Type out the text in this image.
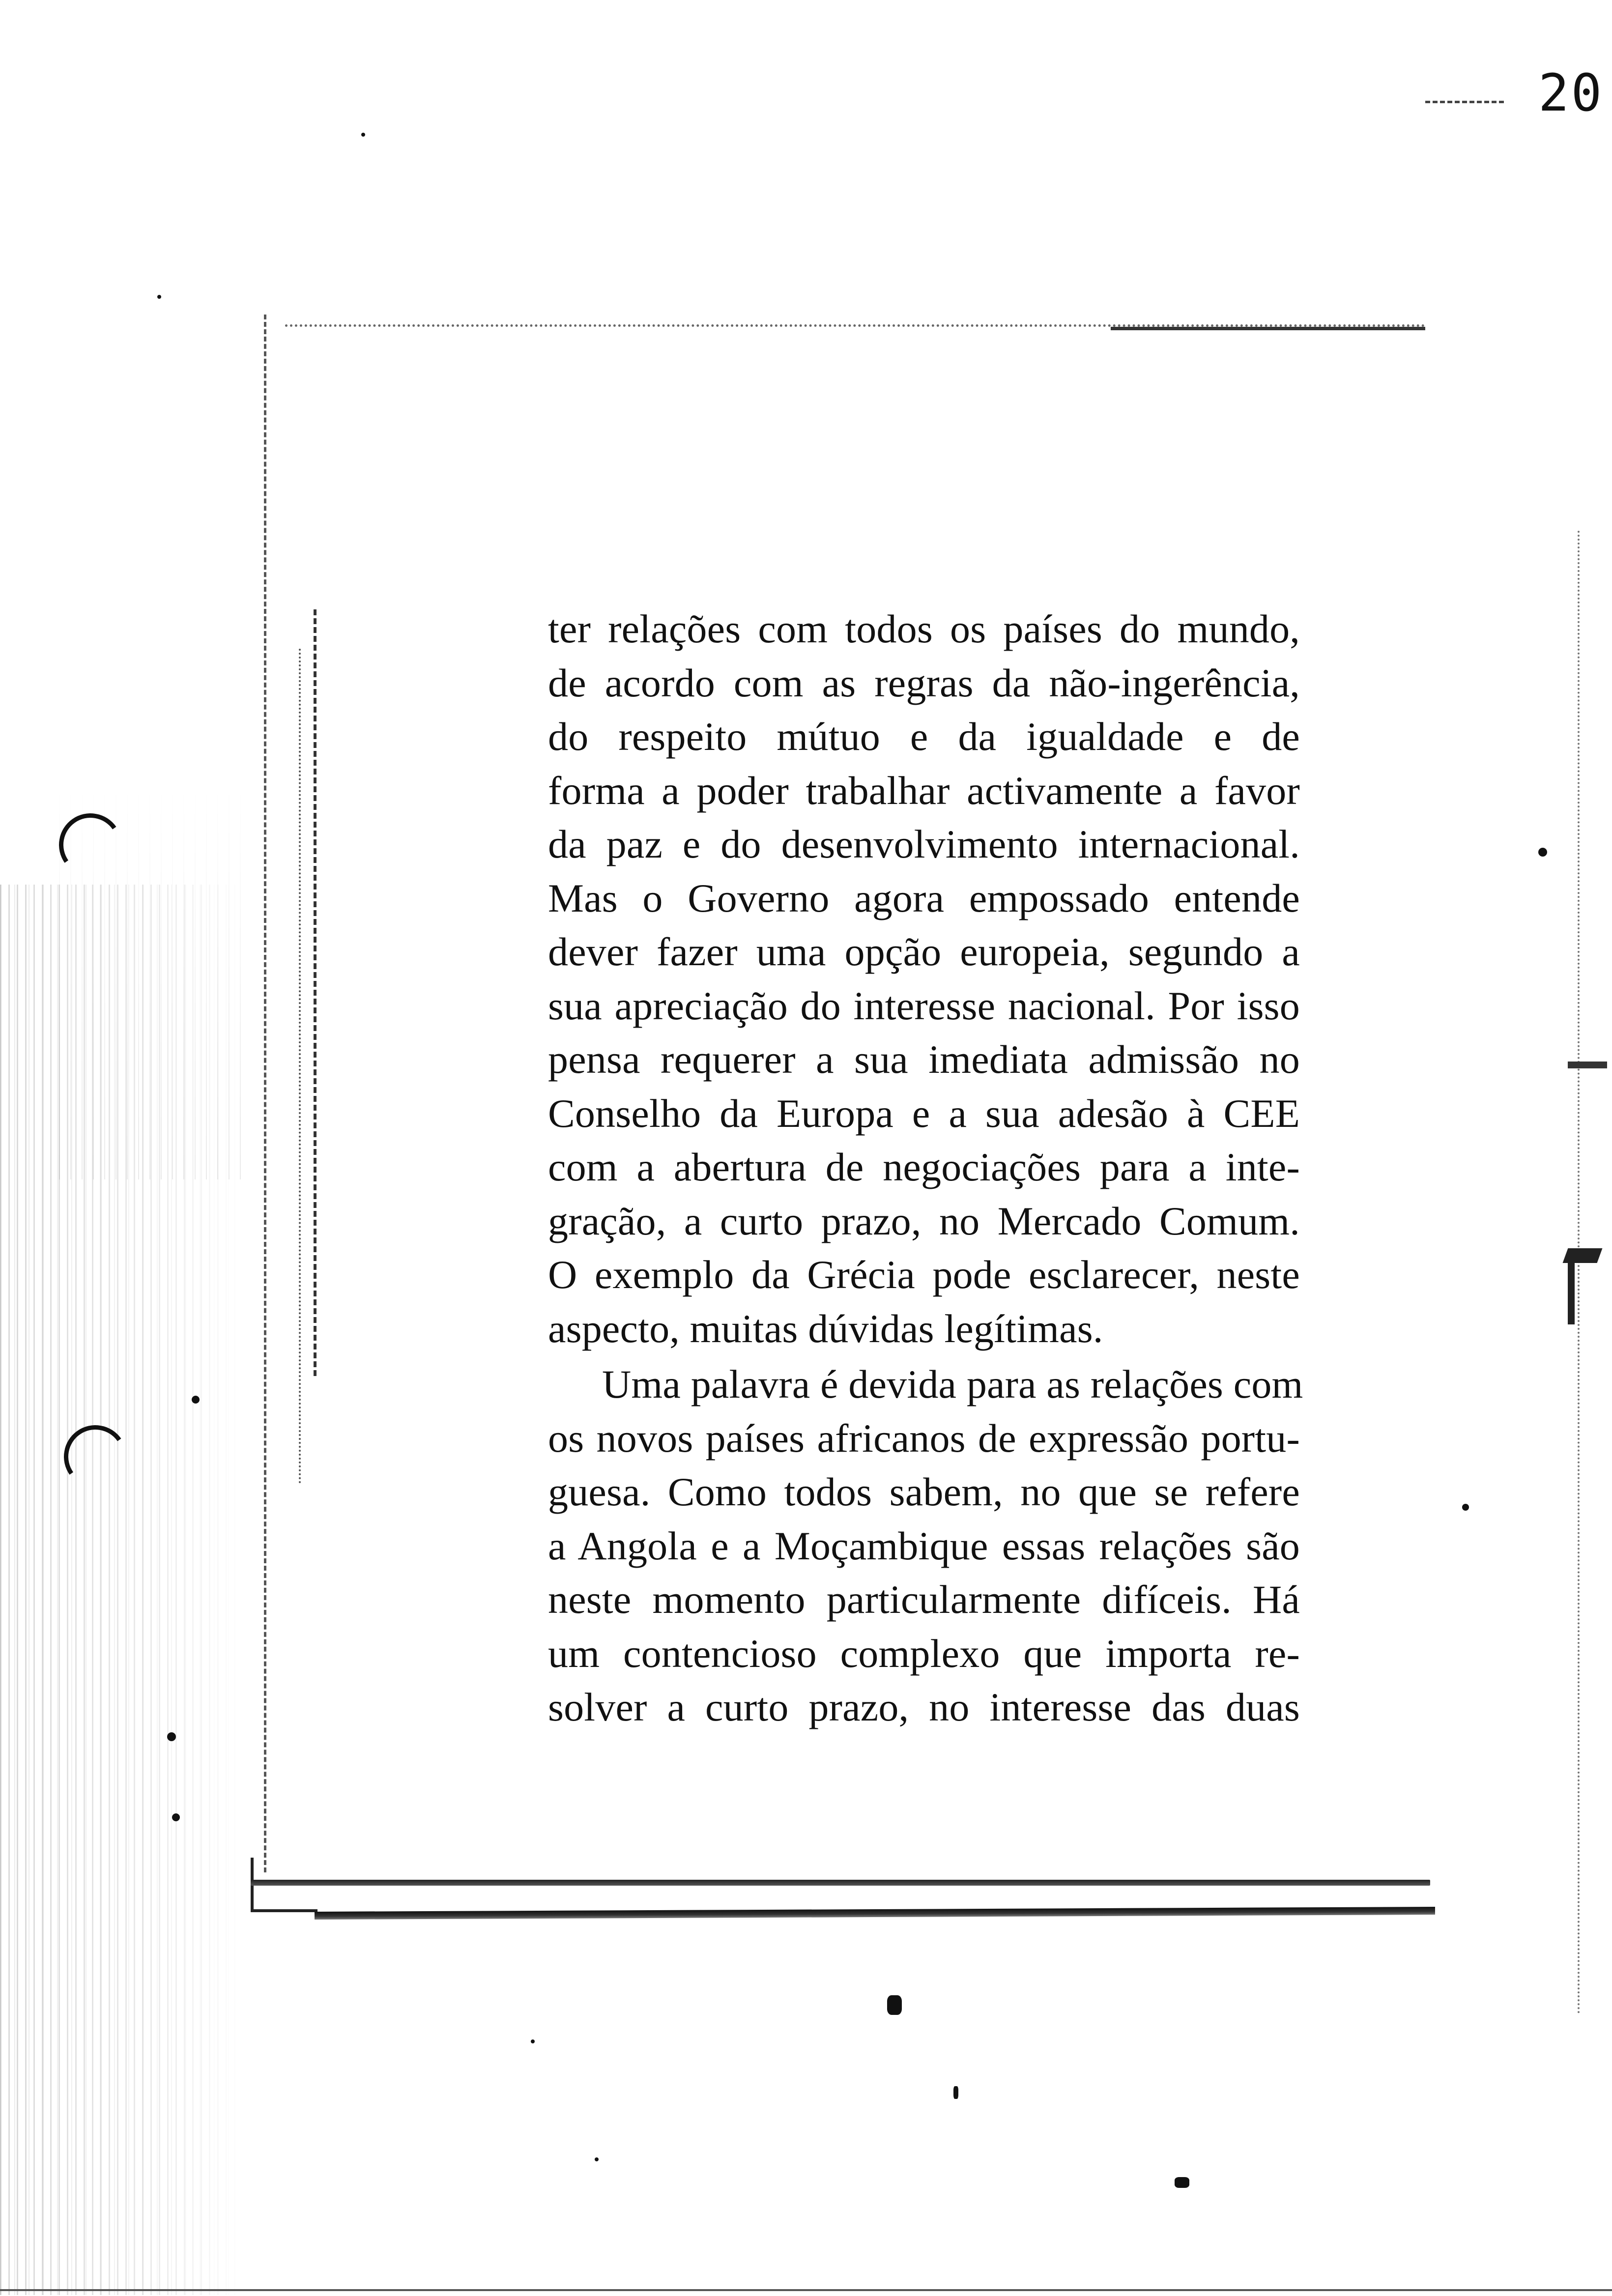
20
ter relações com todos os países do mundo,
de acordo com as regras da não-ingerência,
do respeito mútuo e da igualdade e de
forma a poder trabalhar activamente a favor
da paz e do desenvolvimento internacional.
Mas o Governo agora empossado entende
dever fazer uma opção europeia, segundo a
sua apreciação do interesse nacional. Por isso
pensa requerer a sua imediata admissão no
Conselho da Europa e a sua adesão à CEE
com a abertura de negociações para a inte-
gração, a curto prazo, no Mercado Comum.
O exemplo da Grécia pode esclarecer, neste
aspecto, muitas dúvidas legítimas.
Uma palavra é devida para as relações com
os novos países africanos de expressão portu-
guesa. Como todos sabem, no que se refere
a Angola e a Moçambique essas relações são
neste momento particularmente difíceis. Há
um contencioso complexo que importa re-
solver a curto prazo, no interesse das duas
